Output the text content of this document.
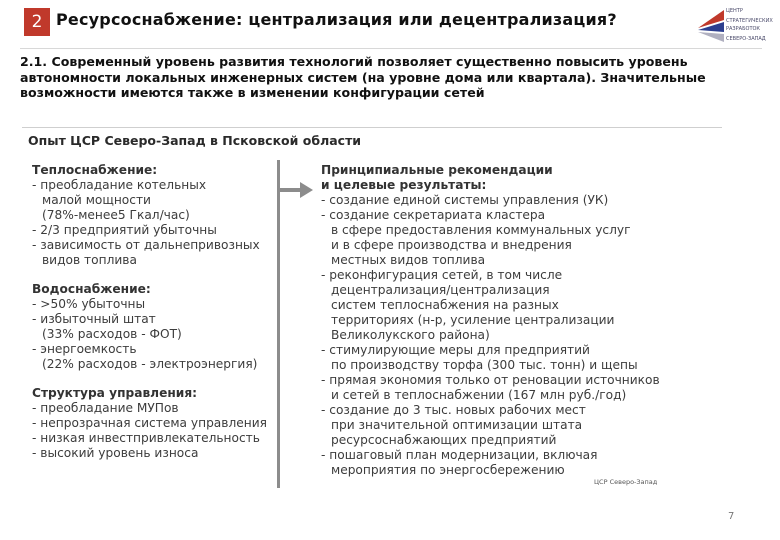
2 Ресурсоснабжение: централизация или децентрализация?	ЦЕНТР
СТРАТЕГИЧЕСКИХ
РАЗРАБОТОК
СЕВЕРО-ЗАПАД
2.1. Современный уровень развития технологий позволяет существенно повысить уровень автономности локальных инженерных систем (на уровне дома или квартала). Значительные возможности имеются также в изменении конфигурации сетей
Опыт ЦСР Северо-Запад в Псковской области
Теплоснабжение:
- преобладание котельных
малой мощности
(78%-менее5 Гкал/час)
- 2/3 предприятий убыточны
- зависимость от дальнепривозных
видов топлива
Водоснабжение:
- >50% убыточны
- избыточный штат
(33% расходов - ФОТ)
- энергоемкость
(22% расходов - электроэнергия)
Структура управления:
- преобладание МУПов
- непрозрачная система управления
- низкая инвестпривлекательность
- высокий уровень износа
Принципиальные рекомендации
и целевые результаты:
- создание единой системы управления (УК)
- создание секретариата кластера
в сфере предоставления коммунальных услуг
и в сфере производства и внедрения
местных видов топлива
- реконфигурация сетей, в том числе
децентрализация/централизация
систем теплоснабжения на разных
территориях (н-р, усиление централизации
Великолукского района)
- стимулирующие меры для предприятий
по производству торфа (300 тыс. тонн) и щепы
- прямая экономия только от реновации источников
и сетей в теплоснабжении (167 млн руб./год)
- создание до 3 тыс. новых рабочих мест
при значительной оптимизации штата
ресурсоснабжающих предприятий
- пошаговый план модернизации, включая
мероприятия по энергосбережению
ЦСР Северо-Запад
7
